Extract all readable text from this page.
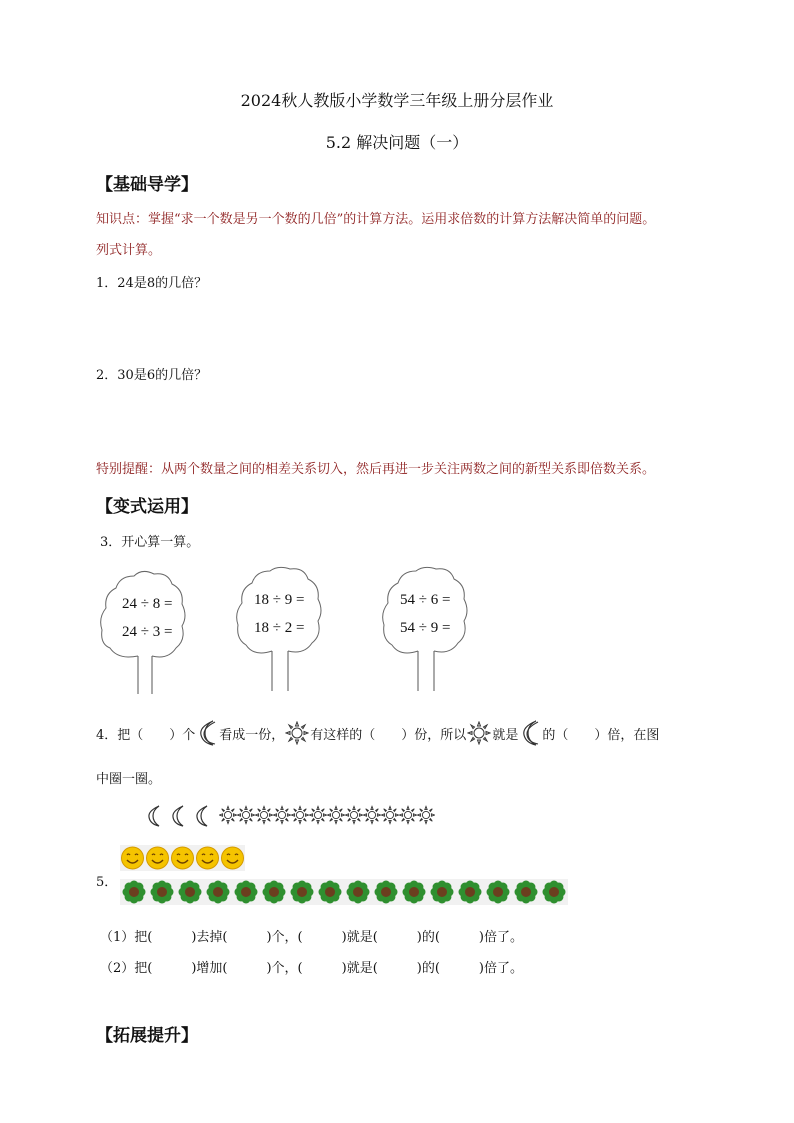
2024秋人教版小学数学三年级上册分层作业
5.2 解决问题（一）
【基础导学】
知识点：掌握“求一个数是另一个数的几倍”的计算方法。运用求倍数的计算方法解决简单的问题。
列式计算。
1．24是8的几倍？
2．30是6的几倍？
特别提醒：从两个数量之间的相差关系切入，然后再进一步关注两数之间的新型关系即倍数关系。
【变式运用】
3．开心算一算。
24 ÷ 8 =
24 ÷ 3 =
18 ÷ 9 =
18 ÷ 2 =
54 ÷ 6 =
54 ÷ 9 =
4．把（　　）个 看成一份， 有这样的（　　）份，所以 就是 的（　　）倍，在图
中圈一圈。
5．
（1）把(　　　)去掉(　　　)个，(　　　)就是(　　　)的(　　　)倍了。
（2）把(　　　)增加(　　　)个，(　　　)就是(　　　)的(　　　)倍了。
【拓展提升】
